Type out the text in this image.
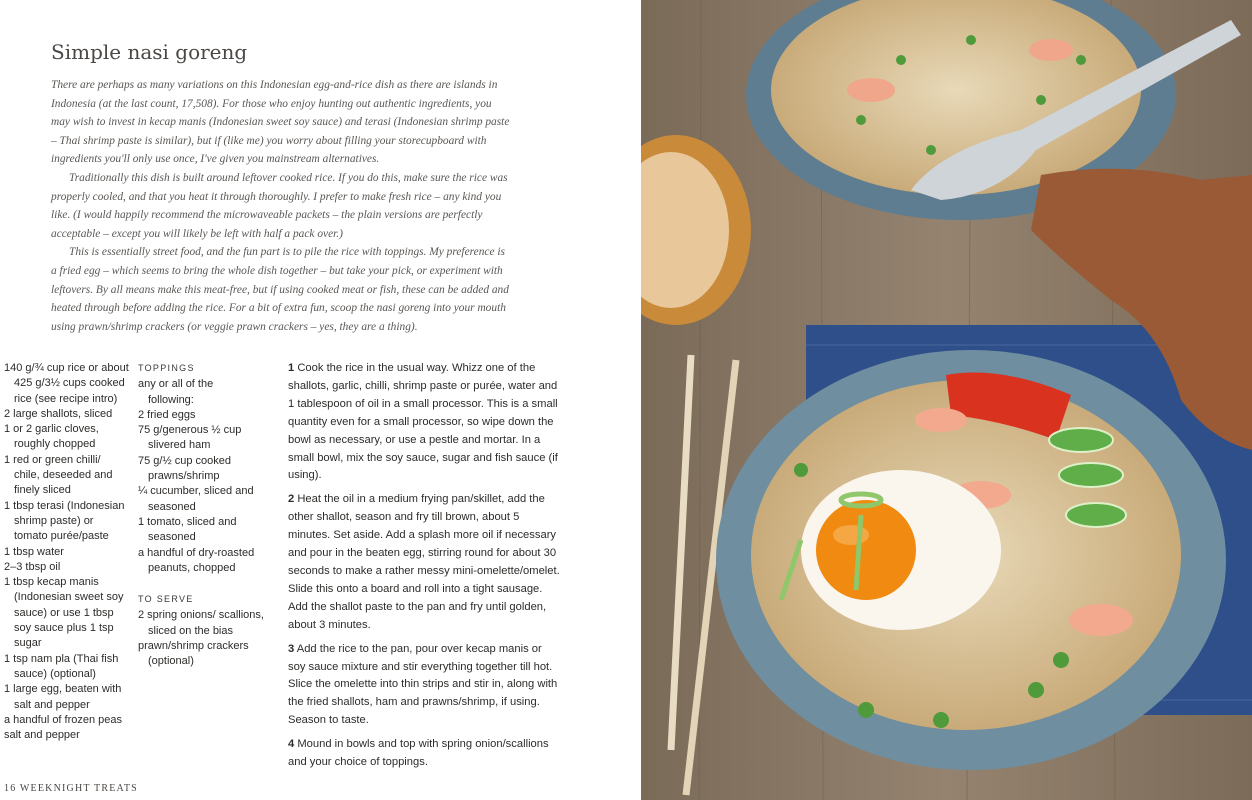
Simple nasi goreng

There are perhaps as many variations on this Indonesian egg-and-rice dish as there are islands in Indonesia (at the last count, 17,508). For those who enjoy hunting out authentic ingredients, you may wish to invest in kecap manis (Indonesian sweet soy sauce) and terasi (Indonesian shrimp paste – Thai shrimp paste is similar), but if (like me) you worry about filling your storecupboard with ingredients you'll only use once, I've given you mainstream alternatives.

Traditionally this dish is built around leftover cooked rice. If you do this, make sure the rice was properly cooled, and that you heat it through thoroughly. I prefer to make fresh rice – any kind you like. (I would happily recommend the microwaveable packets – the plain versions are perfectly acceptable – except you will likely be left with half a pack over.)

This is essentially street food, and the fun part is to pile the rice with toppings. My preference is a fried egg – which seems to bring the whole dish together – but take your pick, or experiment with leftovers. By all means make this meat-free, but if using cooked meat or fish, these can be added and heated through before adding the rice. For a bit of extra fun, scoop the nasi goreng into your mouth using prawn/shrimp crackers (or veggie prawn crackers – yes, they are a thing).

140 g/¾ cup rice or about 425 g/3½ cups cooked rice (see recipe intro)
2 large shallots, sliced
1 or 2 garlic cloves, roughly chopped
1 red or green chilli/ chile, deseeded and finely sliced
1 tbsp terasi (Indonesian shrimp paste) or tomato purée/paste
1 tbsp water
2–3 tbsp oil
1 tbsp kecap manis (Indonesian sweet soy sauce) or use 1 tbsp soy sauce plus 1 tsp sugar
1 tsp nam pla (Thai fish sauce) (optional)
1 large egg, beaten with salt and pepper
a handful of frozen peas
salt and pepper
TOPPINGS
any or all of the
following:
2 fried eggs
75 g/generous ½ cup slivered ham
75 g/½ cup cooked prawns/shrimp
¼ cucumber, sliced and seasoned
1 tomato, sliced and seasoned
a handful of dry-roasted peanuts, chopped
TO SERVE
2 spring onions/ scallions, sliced on the bias
prawn/shrimp crackers (optional)

1 Cook the rice in the usual way. Whizz one of the shallots, garlic, chilli, shrimp paste or purée, water and 1 tablespoon of oil in a small processor. This is a small quantity even for a small processor, so wipe down the bowl as necessary, or use a pestle and mortar. In a small bowl, mix the soy sauce, sugar and fish sauce (if using).

2 Heat the oil in a medium frying pan/skillet, add the other shallot, season and fry till brown, about 5 minutes. Set aside. Add a splash more oil if necessary and pour in the beaten egg, stirring round for about 30 seconds to make a rather messy mini-omelette/omelet. Slide this onto a board and roll into a tight sausage. Add the shallot paste to the pan and fry until golden, about 3 minutes.

3 Add the rice to the pan, pour over kecap manis or soy sauce mixture and stir everything together till hot. Slice the omelette into thin strips and stir in, along with the fried shallots, ham and prawns/shrimp, if using. Season to taste.

4 Mound in bowls and top with spring onion/scallions and your choice of toppings.

16 WEEKNIGHT TREATS
